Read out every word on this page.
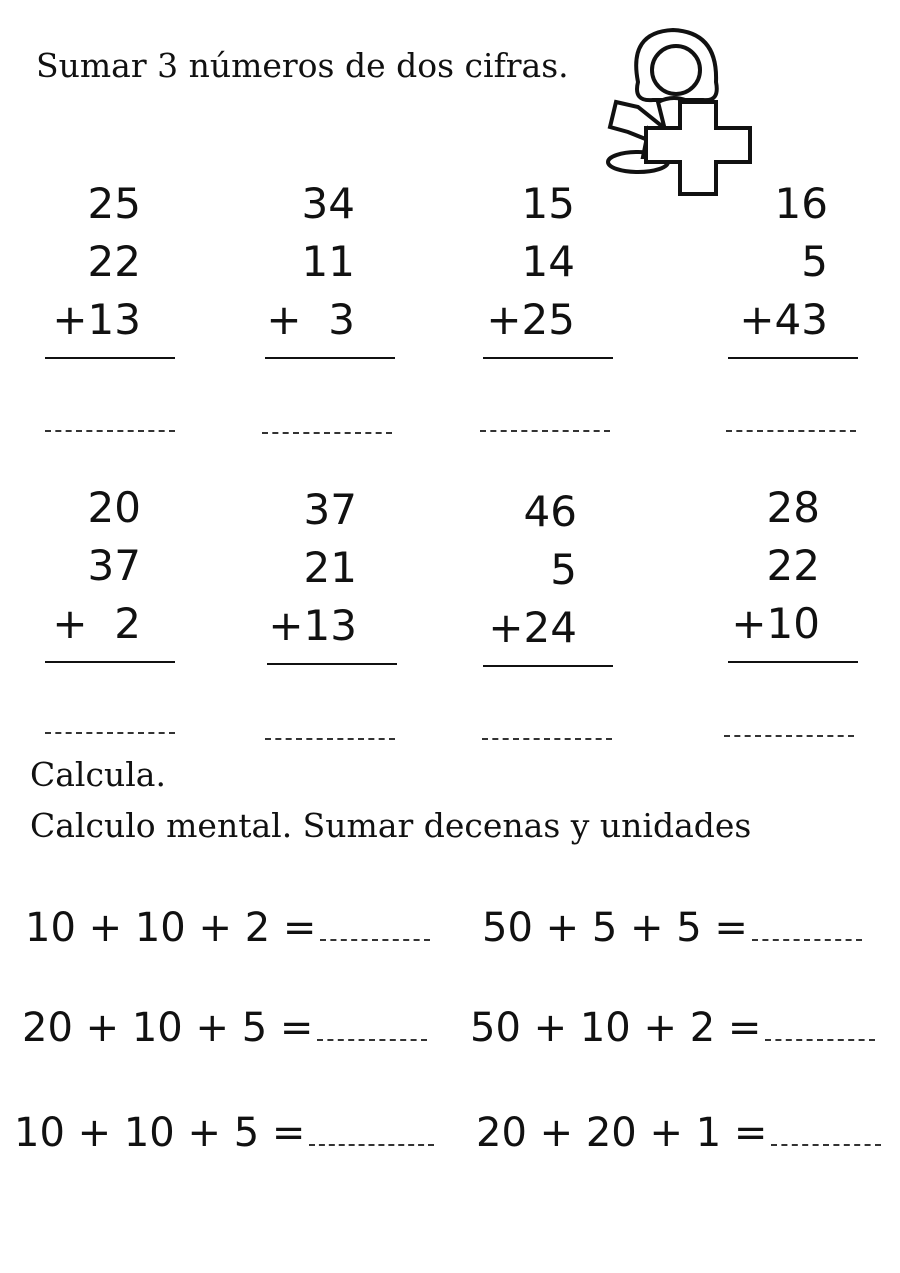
Sumar 3 números de dos cifras.
25
22
+13
34
11
+  3
15
14
+25
16
5
+43
20
37
+  2
37
21
+13
46
5
+24
28
22
+10
Calcula.
Calculo mental. Sumar decenas y unidades
10 + 10 + 2 =	50 + 5 + 5 =
20 + 10 + 5 =	50 + 10 + 2 =
10 + 10 + 5 =	20 + 20 + 1 =
